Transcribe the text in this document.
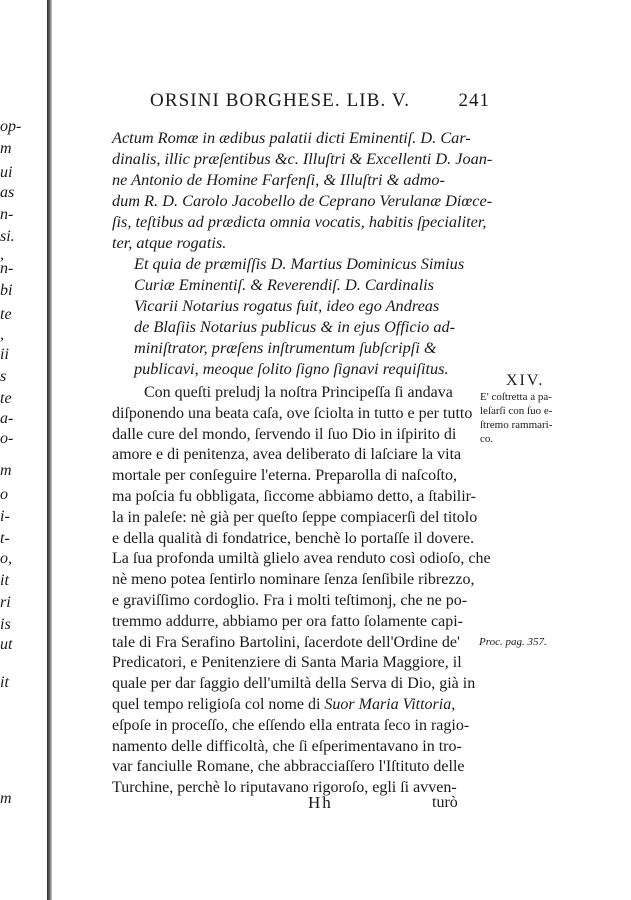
op-
m
ui
as
n-
si.
,
n-
bi
te
,
ii
s
te
a-
o-
m
o
i-
t-
o,
it
ri
is
ut
it
m
ORSINI BORGHESE. LIB. V.	241
Actum Romæ in ædibus palatii dicti Eminentiſ. D. Car-
dinalis, illic præſentibus &c. Illuſtri & Excellenti D. Joan-
ne Antonio de Homine Farfenſi, & Illuſtri & admo-
dum R. D. Carolo Jacobello de Ceprano Verulanæ Diœce-
ſis, teſtibus ad prædicta omnia vocatis, habitis ſpecialiter,
ter, atque rogatis.
Et quia de præmiſſis D. Martius Dominicus Simius
Curiæ Eminentiſ. & Reverendiſ. D. Cardinalis
Vicarii Notarius rogatus fuit, ideo ego Andreas
de Blaſiis Notarius publicus & in ejus Officio ad-
miniſtrator, præſens inſtrumentum ſubſcripſi &
publicavi, meoque ſolito ſigno ſignavi requiſitus.
Con queſti preludj la noſtra Principeſſa ſi andava
diſponendo una beata caſa, ove ſciolta in tutto e per tutto
dalle cure del mondo, ſervendo il ſuo Dio in iſpirito di
amore e di penitenza, avea deliberato di laſciare la vita
mortale per conſeguire l'eterna. Preparolla di naſcoſto,
ma poſcia fu obbligata, ſiccome abbiamo detto, a ſtabilir-
la in paleſe: nè già per queſto ſeppe compiacerſi del titolo
e della qualità di fondatrice, benchè lo portaſſe il dovere.
La ſua profonda umiltà glielo avea renduto così odioſo, che
nè meno potea ſentirlo nominare ſenza ſenſibile ribrezzo,
e graviſſimo cordoglio. Fra i molti teſtimonj, che ne po-
tremmo addurre, abbiamo per ora fatto ſolamente capi-
tale di Fra Serafino Bartolini, ſacerdote dell'Ordine de'
Predicatori, e Penitenziere di Santa Maria Maggiore, il
quale per dar ſaggio dell'umiltà della Serva di Dio, già in
quel tempo religioſa col nome di Suor Maria Vittoria,
eſpoſe in proceſſo, che eſſendo ella entrata ſeco in ragio-
namento delle difficoltà, che ſi eſperimentavano in tro-
var fanciulle Romane, che abbracciaſſero l'Iſtituto delle
Turchine, perchè lo riputavano rigoroſo, egli ſi avven-
XIV.
E' coſtretta a pa-
leſarſi con ſuo e-
ſtremo rammari-
co.
Proc. pag. 357.
Hh	turò
